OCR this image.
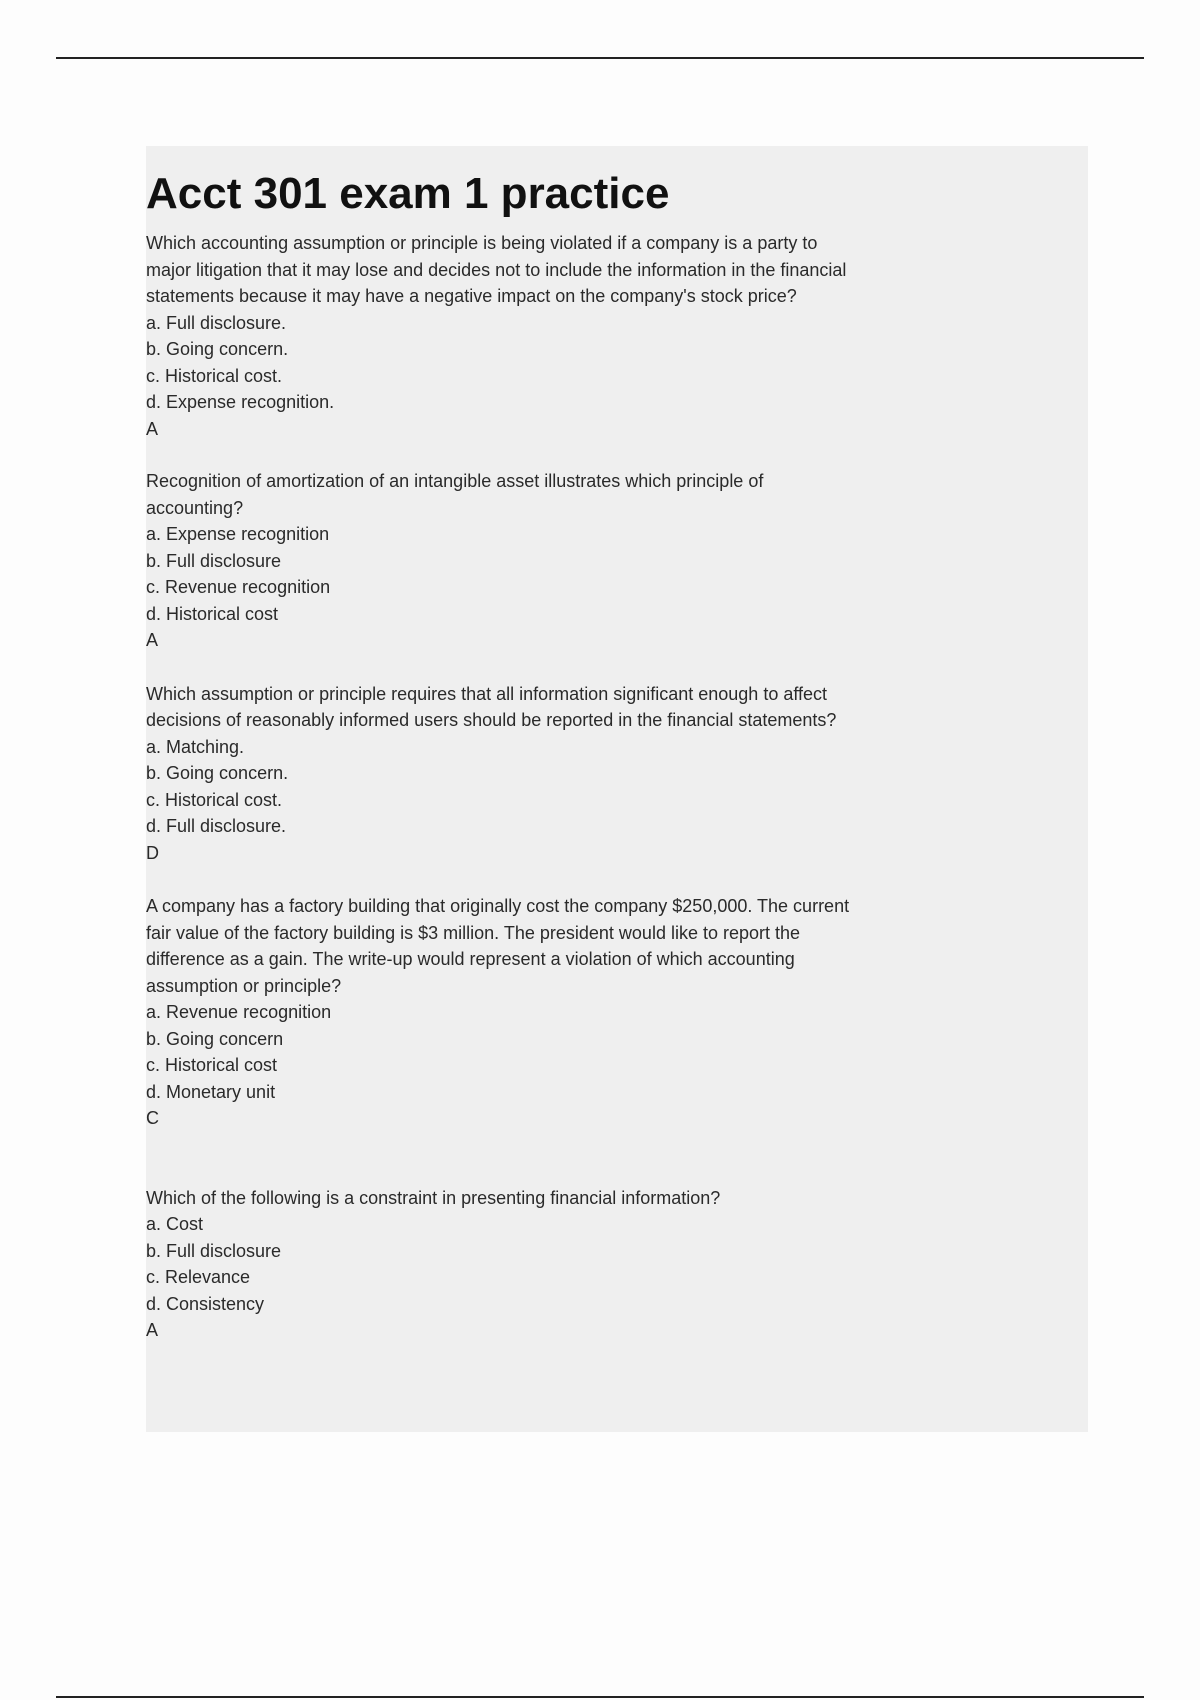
Acct 301 exam 1 practice

Which accounting assumption or principle is being violated if a company is a party to
major litigation that it may lose and decides not to include the information in the financial
statements because it may have a negative impact on the company's stock price?

a. Full disclosure.
b. Going concern.
c. Historical cost.
d. Expense recognition.

A

Recognition of amortization of an intangible asset illustrates which principle of
accounting?

a. Expense recognition
b. Full disclosure
c. Revenue recognition
d. Historical cost

A

Which assumption or principle requires that all information significant enough to affect
decisions of reasonably informed users should be reported in the financial statements?

a. Matching.
b. Going concern.
c. Historical cost.
d. Full disclosure.

D

A company has a factory building that originally cost the company $250,000. The current
fair value of the factory building is $3 million. The president would like to report the
difference as a gain. The write-up would represent a violation of which accounting
assumption or principle?

a. Revenue recognition
b. Going concern
c. Historical cost
d. Monetary unit

C

Which of the following is a constraint in presenting financial information?

a. Cost
b. Full disclosure
c. Relevance
d. Consistency

A
